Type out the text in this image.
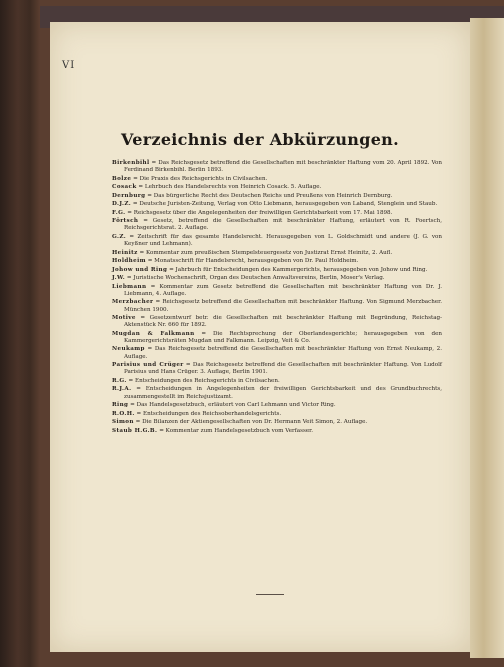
VI
Verzeichnis der Abkürzungen.

Birkenbihl = Das Reichsgesetz betreffend die Gesellschaften mit beschränkter Haftung vom 20. April 1892. Von Ferdinand Birkenbihl. Berlin 1893.

Bolze = Die Praxis des Reichsgerichts in Civilsachen.

Cosack = Lehrbuch des Handelsrechts von Heinrich Cosack. 5. Auflage.

Dernburg = Das bürgerliche Recht des Deutschen Reichs und Preußens von Heinrich Dernburg.

D.J.Z. = Deutsche Juristen-Zeitung, Verlag von Otto Liebmann, herausgegeben von Laband, Stenglein und Staub.

F.G. = Reichsgesetz über die Angelegenheiten der freiwilligen Gerichtsbarkeit vom 17. Mai 1898.

Förtsch = Gesetz, betreffend die Gesellschaften mit beschränkter Haftung, erläutert von R. Foertsch, Reichsgerichtsrat. 2. Auflage.

G.Z. = Zeitschrift für das gesamte Handelsrecht. Herausgegeben von L. Goldschmidt und andere (J. G. von Keyßner und Lehmann).

Heinitz = Kommentar zum preußischen Stempelsteuergesetz von Justizrat Ernst Heinitz, 2. Aufl.

Holdheim = Monatsschrift für Handelsrecht, herausgegeben von Dr. Paul Holdheim.

Johow und Ring = Jahrbuch für Entscheidungen des Kammergerichts, herausgegeben von Johow und Ring.

J.W. = Juristische Wochenschrift, Organ des Deutschen Anwaltsvereins, Berlin, Moser's Verlag.

Liebmann = Kommentar zum Gesetz betreffend die Gesellschaften mit beschränkter Haftung von Dr. J. Liebmann, 4. Auflage.

Merzbacher = Reichsgesetz betreffend die Gesellschaften mit beschränkter Haftung. Von Sigmund Merzbacher. München 1900.

Motive = Gesetzentwurf betr. die Gesellschaften mit beschränkter Haftung mit Begründung, Reichstag-Aktenstück Nr. 660 für 1892.

Mugdan & Falkmann = Die Rechtsprechung der Oberlandesgerichte; herausgegeben von den Kammergerichtsräten Mugdan und Falkmann. Leipzig, Veit & Co.

Neukamp = Das Reichsgesetz betreffend die Gesellschaften mit beschränkter Haftung von Ernst Neukamp, 2. Auflage.

Parisius und Crüger = Das Reichsgesetz betreffend die Gesellschaften mit beschränkter Haftung. Von Ludolf Parisius und Hans Crüger. 3. Auflage, Berlin 1901.

R.G. = Entscheidungen des Reichsgerichts in Civilsachen.

R.J.A. = Entscheidungen in Angelegenheiten der freiwilligen Gerichtsbarkeit und des Grundbuchrechts, zusammengestellt im Reichsjustizamt.

Ring = Das Handelsgesetzbuch, erläutert von Carl Lehmann und Victor Ring.

R.O.H. = Entscheidungen des Reichsoberhandelsgerichts.

Simon = Die Bilanzen der Aktiengesellschaften von Dr. Hermann Veit Simon, 2. Auflage.

Staub H.G.B. = Kommentar zum Handelsgesetzbuch vom Verfasser.
